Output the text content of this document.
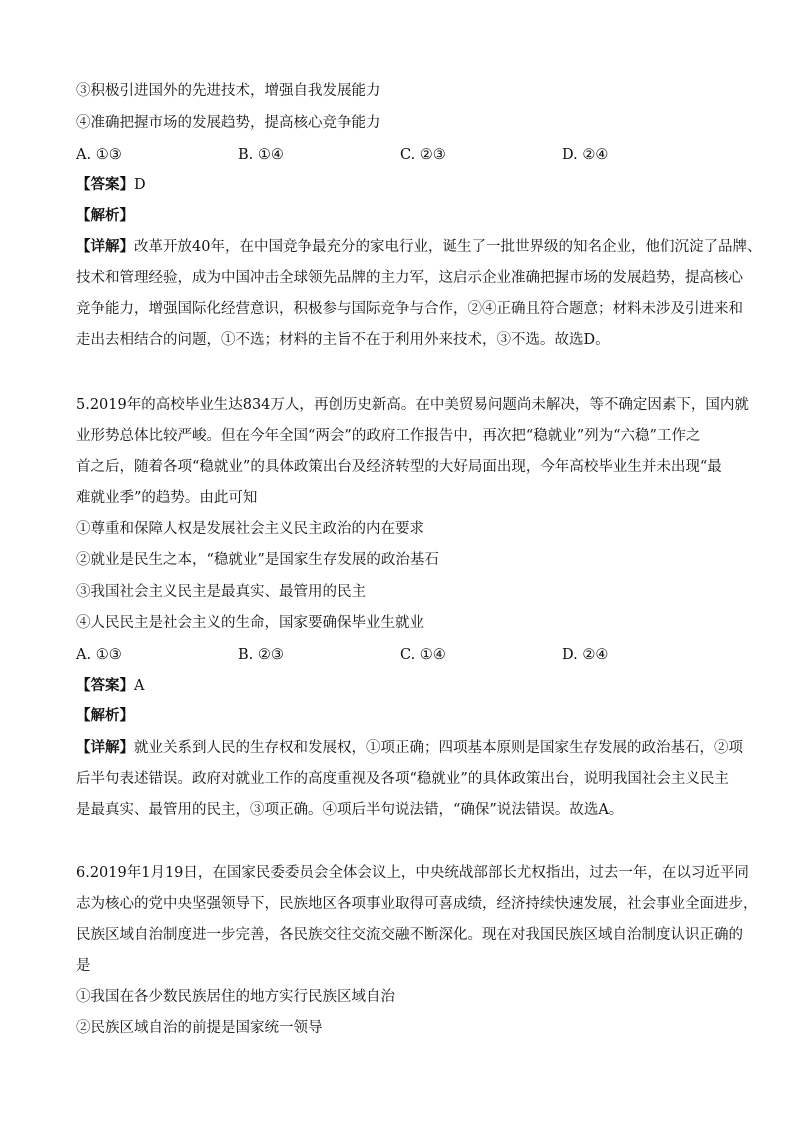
③积极引进国外的先进技术，增强自我发展能力
④准确把握市场的发展趋势，提高核心竞争能力
A. ①③	B. ①④	C. ②③	D. ②④
【答案】D
【解析】
【详解】改革开放40年，在中国竞争最充分的家电行业，诞生了一批世界级的知名企业，他们沉淀了品牌、
技术和管理经验，成为中国冲击全球领先品牌的主力军，这启示企业准确把握市场的发展趋势，提高核心
竞争能力，增强国际化经营意识，积极参与国际竞争与合作，②④正确且符合题意；材料未涉及引进来和
走出去相结合的问题，①不选；材料的主旨不在于利用外来技术，③不选。故选D。
5.2019年的高校毕业生达834万人，再创历史新高。在中美贸易问题尚未解决，等不确定因素下，国内就
业形势总体比较严峻。但在今年全国“两会”的政府工作报告中，再次把“稳就业”列为“六稳”工作之
首之后，随着各项“稳就业”的具体政策出台及经济转型的大好局面出现，今年高校毕业生并未出现“最
难就业季”的趋势。由此可知
①尊重和保障人权是发展社会主义民主政治的内在要求
②就业是民生之本，“稳就业”是国家生存发展的政治基石
③我国社会主义民主是最真实、最管用的民主
④人民民主是社会主义的生命，国家要确保毕业生就业
A. ①③	B. ②③	C. ①④	D. ②④
【答案】A
【解析】
【详解】就业关系到人民的生存权和发展权，①项正确；四项基本原则是国家生存发展的政治基石，②项
后半句表述错误。政府对就业工作的高度重视及各项“稳就业”的具体政策出台，说明我国社会主义民主
是最真实、最管用的民主，③项正确。④项后半句说法错，“确保”说法错误。故选A。
6.2019年1月19日，在国家民委委员会全体会议上，中央统战部部长尤权指出，过去一年，在以习近平同
志为核心的党中央坚强领导下，民族地区各项事业取得可喜成绩，经济持续快速发展，社会事业全面进步，
民族区域自治制度进一步完善，各民族交往交流交融不断深化。现在对我国民族区域自治制度认识正确的
是
①我国在各少数民族居住的地方实行民族区域自治
②民族区域自治的前提是国家统一领导
